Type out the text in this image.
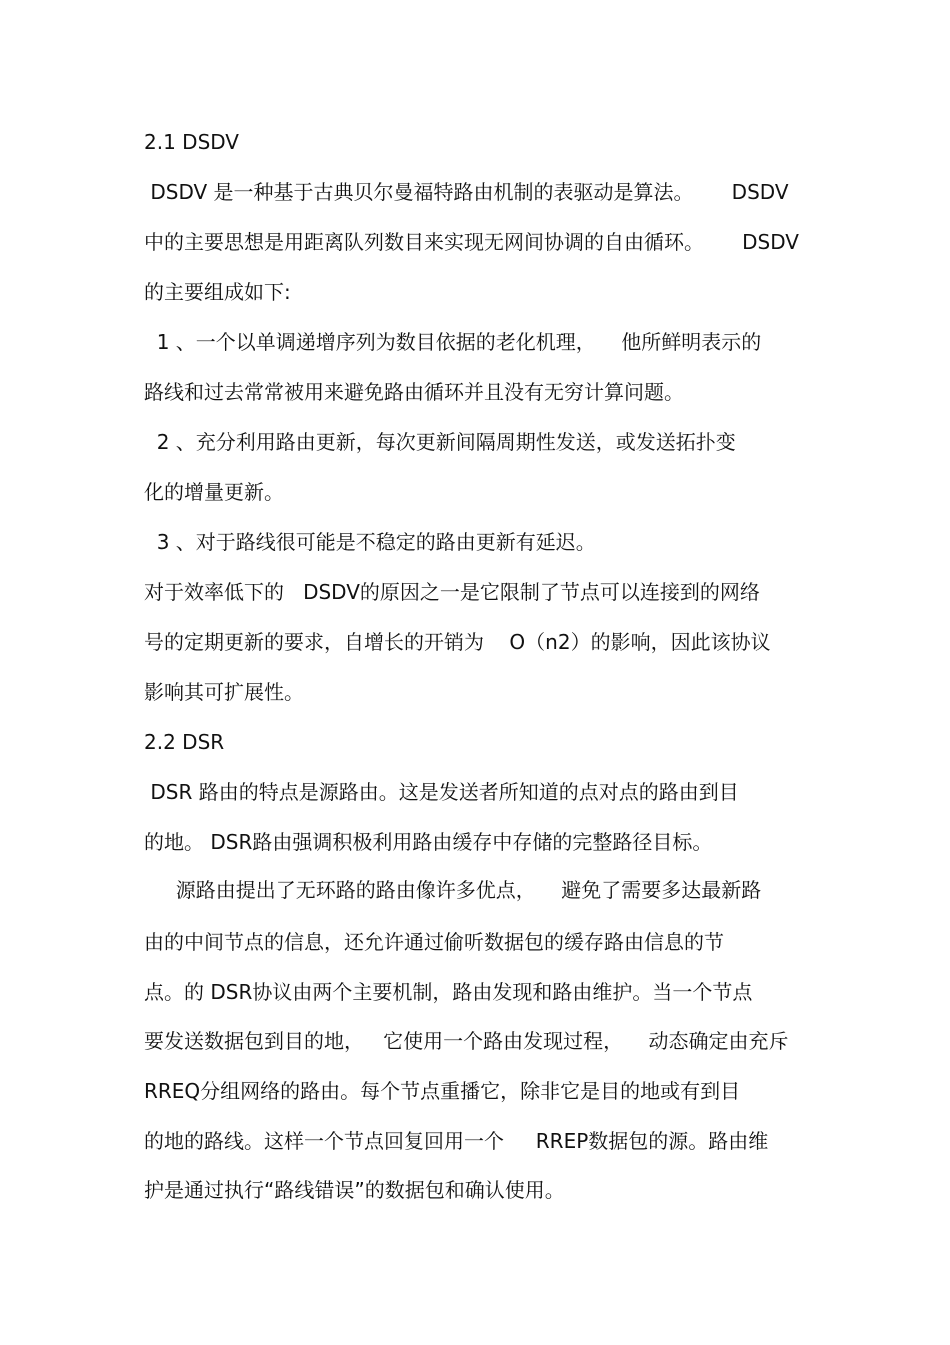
2.1 DSDV
DSDV 是一种基于古典贝尔曼福特路由机制的表驱动是算法。      DSDV
中的主要思想是用距离队列数目来实现无网间协调的自由循环。      DSDV
的主要组成如下:
1 、一个以单调递增序列为数目依据的老化机理，    他所鲜明表示的
路线和过去常常被用来避免路由循环并且没有无穷计算问题。
2 、充分利用路由更新，每次更新间隔周期性发送，或发送拓扑变
化的增量更新。
3 、对于路线很可能是不稳定的路由更新有延迟。
对于效率低下的   DSDV的原因之一是它限制了节点可以连接到的网络
号的定期更新的要求，自增长的开销为    O（n2）的影响，因此该协议
影响其可扩展性。
2.2 DSR
DSR 路由的特点是源路由。这是发送者所知道的点对点的路由到目
的地。 DSR路由强调积极利用路由缓存中存储的完整路径目标。
源路由提出了无环路的路由像许多优点，    避免了需要多达最新路
由的中间节点的信息，还允许通过偷听数据包的缓存路由信息的节
点。的 DSR协议由两个主要机制，路由发现和路由维护。当一个节点
要发送数据包到目的地，   它使用一个路由发现过程，    动态确定由充斥
RREQ分组网络的路由。每个节点重播它，除非它是目的地或有到目
的地的路线。这样一个节点回复回用一个     RREP数据包的源。路由维
护是通过执行“路线错误”的数据包和确认使用。
